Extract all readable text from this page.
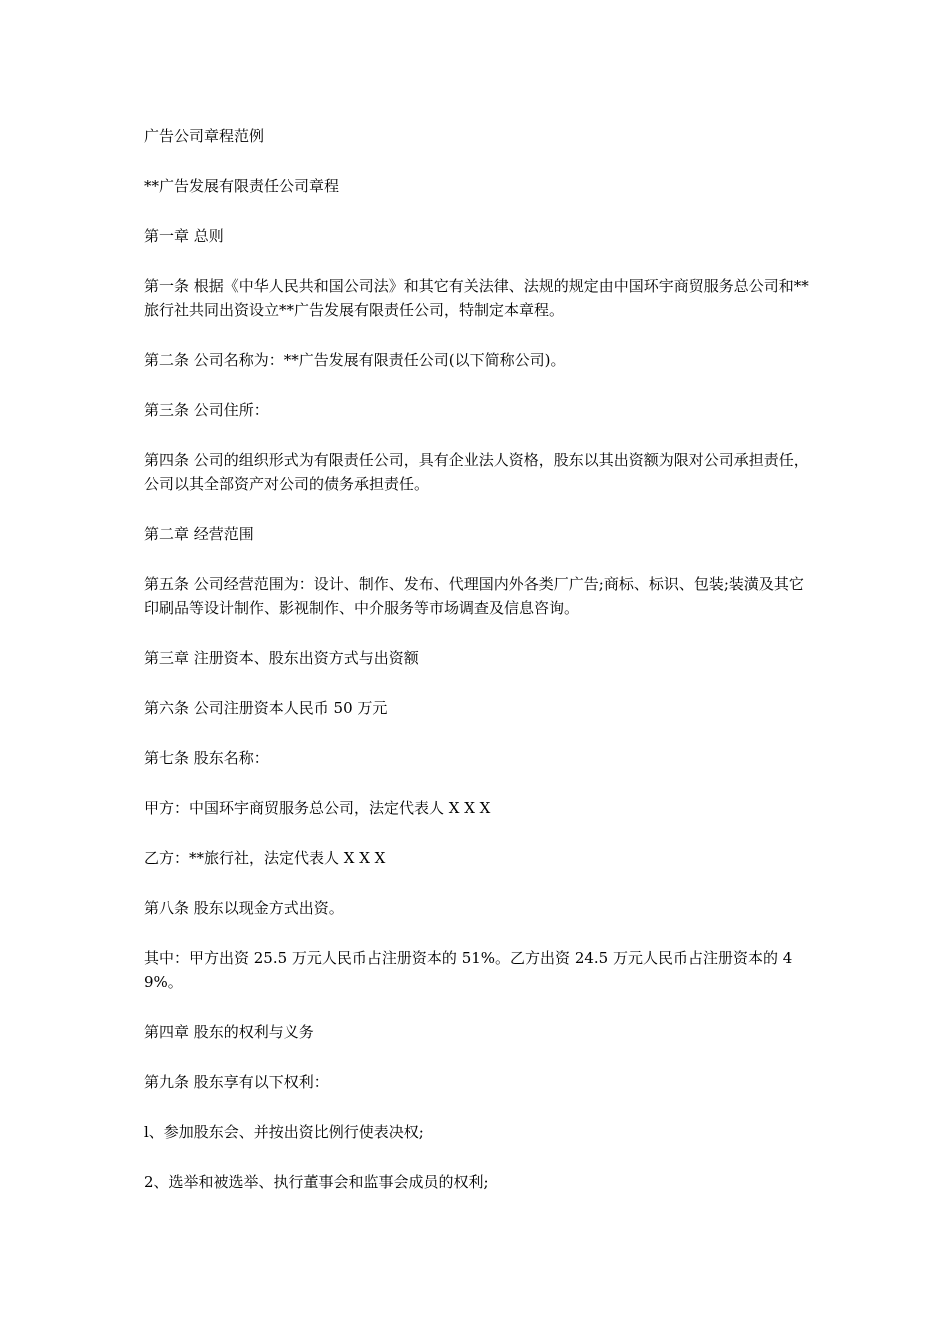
广告公司章程范例

**广告发展有限责任公司章程

第一章 总则

第一条 根据《中华人民共和国公司法》和其它有关法律、法规的规定由中国环宇商贸服务总公司和**旅行社共同出资设立**广告发展有限责任公司，特制定本章程。

第二条 公司名称为：**广告发展有限责任公司(以下简称公司)。

第三条 公司住所：

第四条 公司的组织形式为有限责任公司，具有企业法人资格，股东以其出资额为限对公司承担责任，公司以其全部资产对公司的债务承担责任。

第二章 经营范围

第五条 公司经营范围为：设计、制作、发布、代理国内外各类厂广告;商标、标识、包装;装潢及其它印刷品等设计制作、影视制作、中介服务等市场调查及信息咨询。

第三章 注册资本、股东出资方式与出资额

第六条 公司注册资本人民币 50 万元

第七条 股东名称：

甲方：中国环宇商贸服务总公司，法定代表人 X X X

乙方：**旅行社，法定代表人 X X X

第八条 股东以现金方式出资。

其中：甲方出资 25.5 万元人民币占注册资本的 51%。乙方出资 24.5 万元人民币占注册资本的 49%。

第四章 股东的权利与义务

第九条 股东享有以下权利：

l、参加股东会、并按出资比例行使表决权;

2、选举和被选举、执行董事会和监事会成员的权利;
